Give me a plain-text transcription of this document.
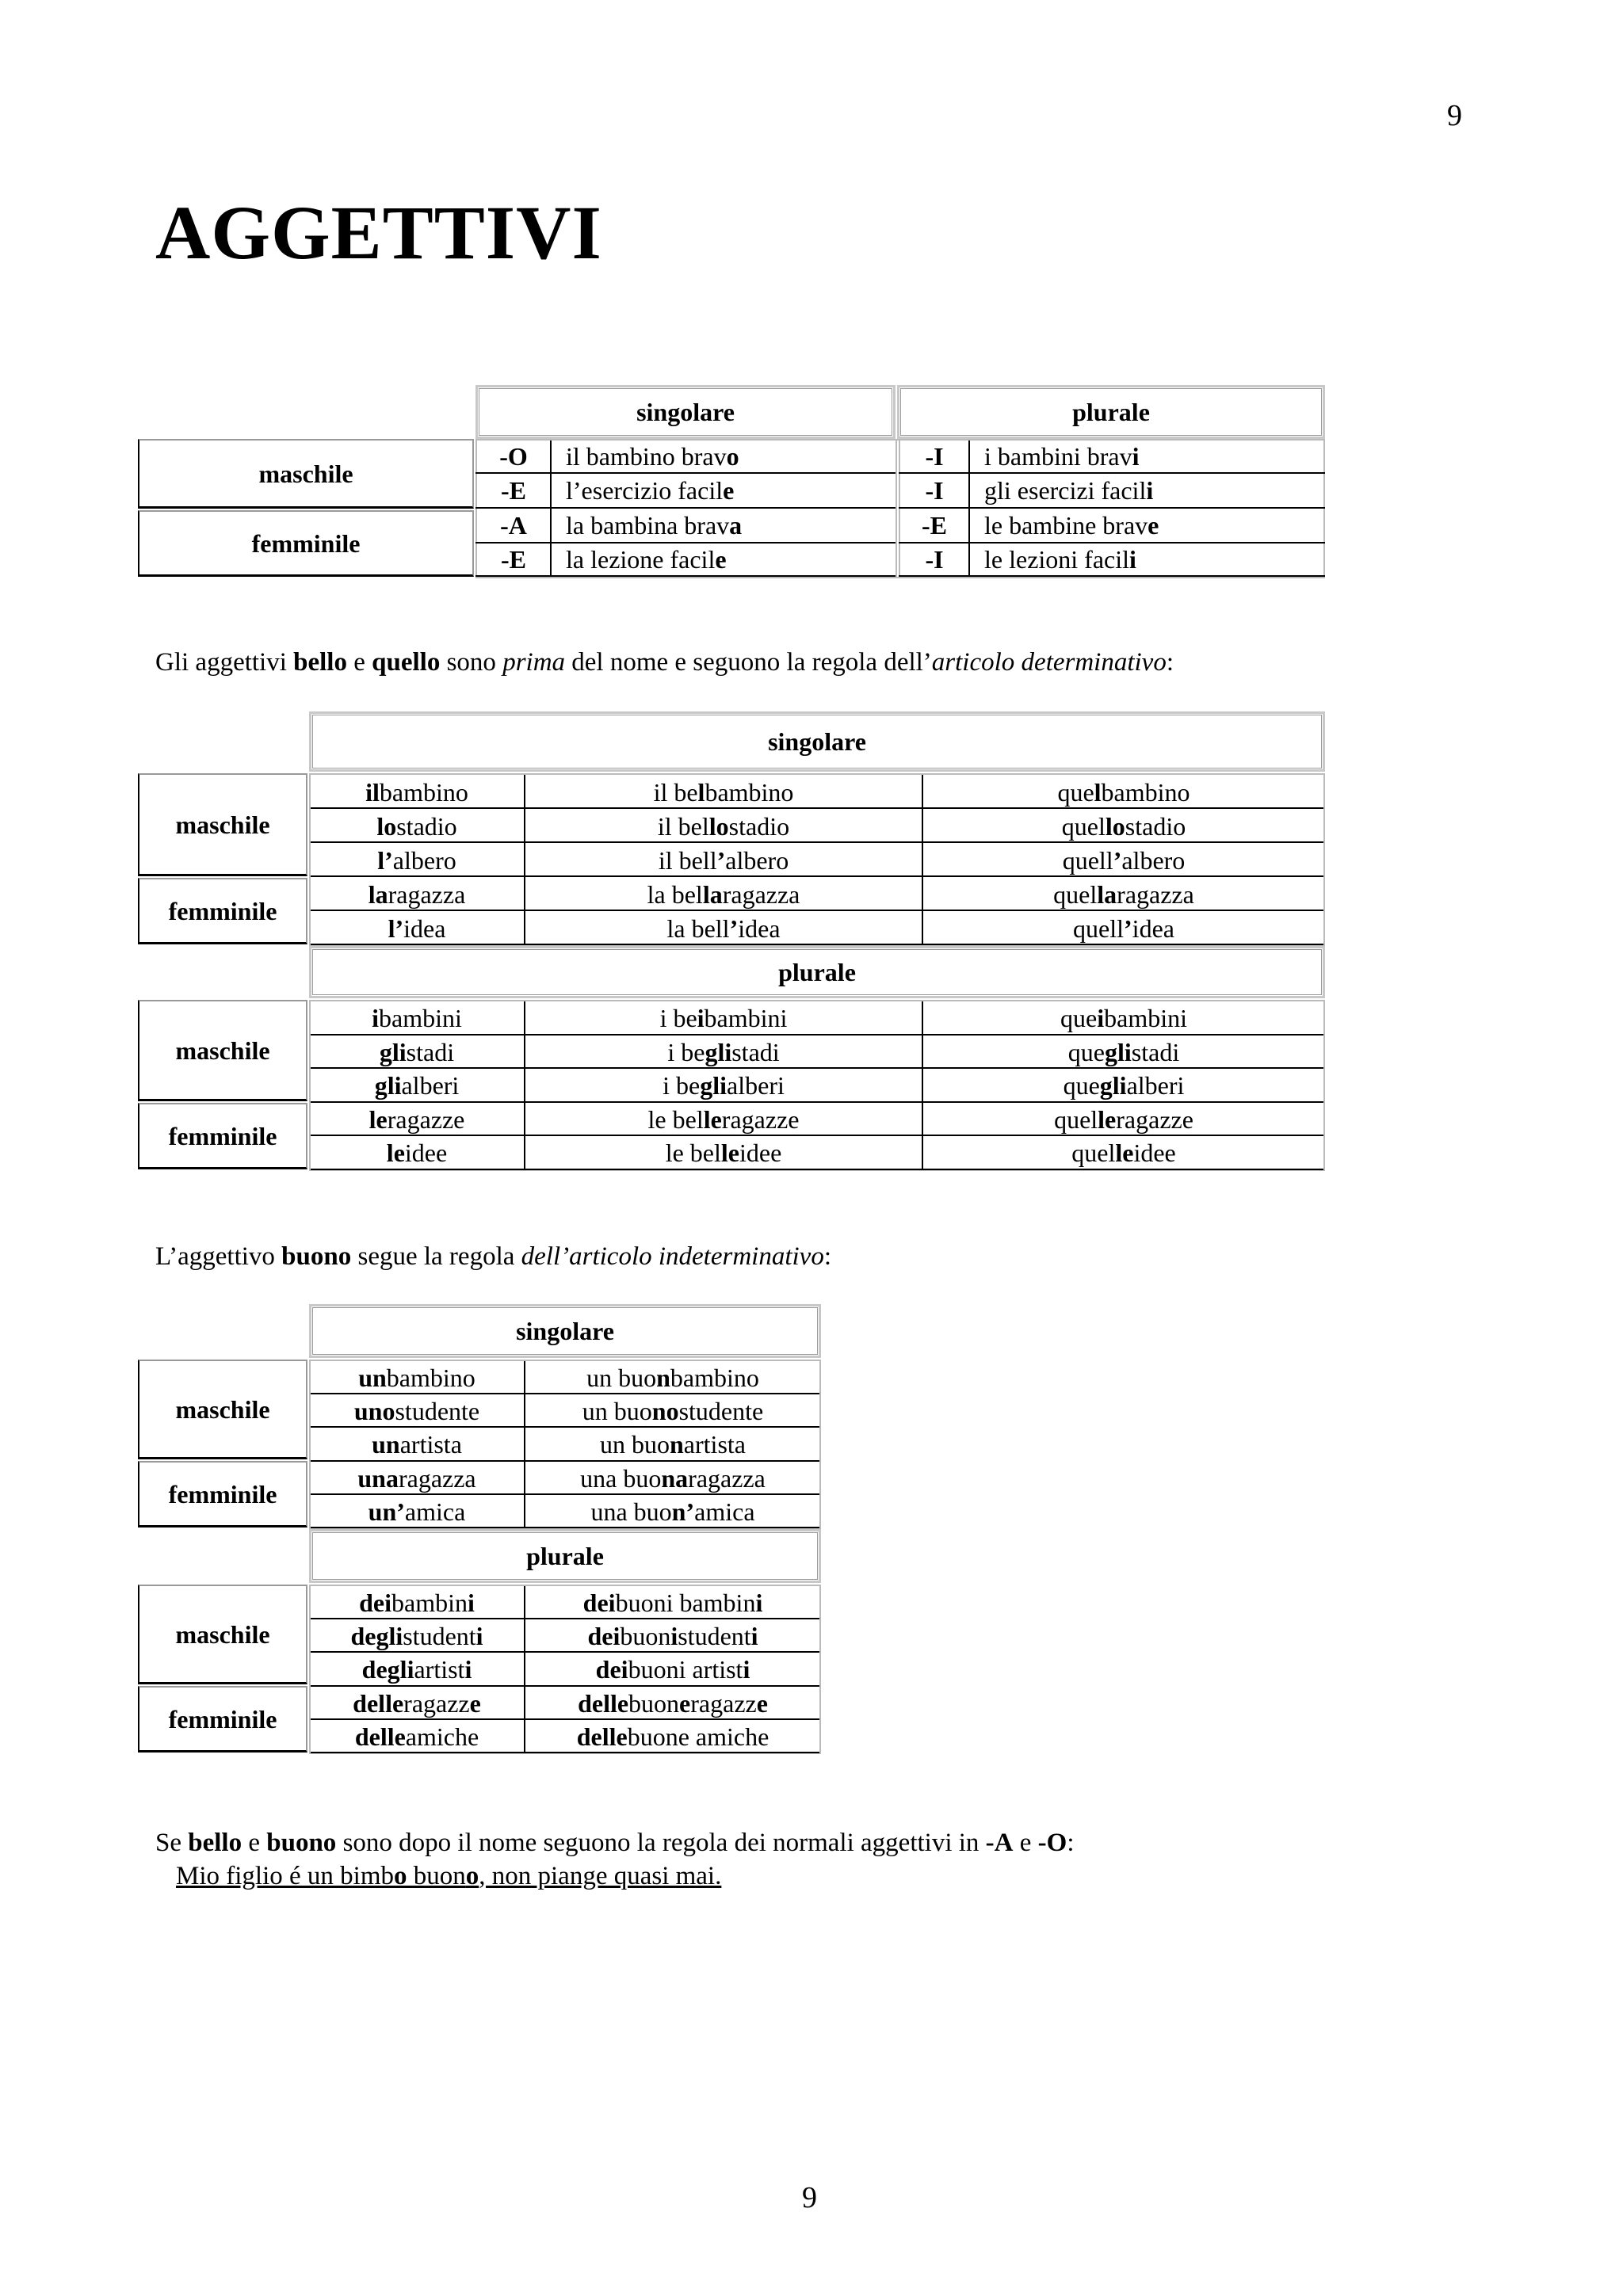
9
AGGETTIVI
singolare	plurale
maschile
femminile
-O	il bambino brav o	-I	i bambini brav i
-E	l’esercizio facil e	-I	gli esercizi facil i
-A	la bambina brav a	-E	le bambine brav e
-E	la lezione facil e	-I	le lezioni facil i
Gli aggettivi bello e quello sono prima del nome e seguono la regola dell’articolo determinativo:
singolare
maschile
femminile
il bambino	il be l bambino	que l bambino
lo stadio	il bel lo stadio	quel lo stadio
l’ albero	il bell ’ albero	quell ’ albero
la ragazza	la bel la ragazza	quel la ragazza
l’ idea	la bell ’ idea	quell ’ idea
plurale
maschile
femminile
i bambini	i be i bambini	que i bambini
gli stadi	i be gli stadi	que gli stadi
gli alberi	i be gli alberi	que gli alberi
le ragazze	le bel le ragazze	quel le ragazze
le idee	le bel le idee	quel le idee
L’aggettivo buono segue la regola dell’articolo indeterminativo:
singolare
maschile
femminile
un bambino	un buo n bambino
uno studente	un buo no studente
un artista	un buo n artista
una ragazza	una buo na ragazza
un’ amica	una buo n’ amica
plurale
maschile
femminile
dei bambin i	dei buoni bambin i
degli student i	dei buon i student i
degli artist i	dei buoni artist i
delle ragazz e	delle buon e ragazz e
delle amiche	delle buone amiche
Se bello e buono sono dopo il nome seguono la regola dei normali aggettivi in -A e -O:
Mio figlio é un bimbo buono, non piange quasi mai.
9
